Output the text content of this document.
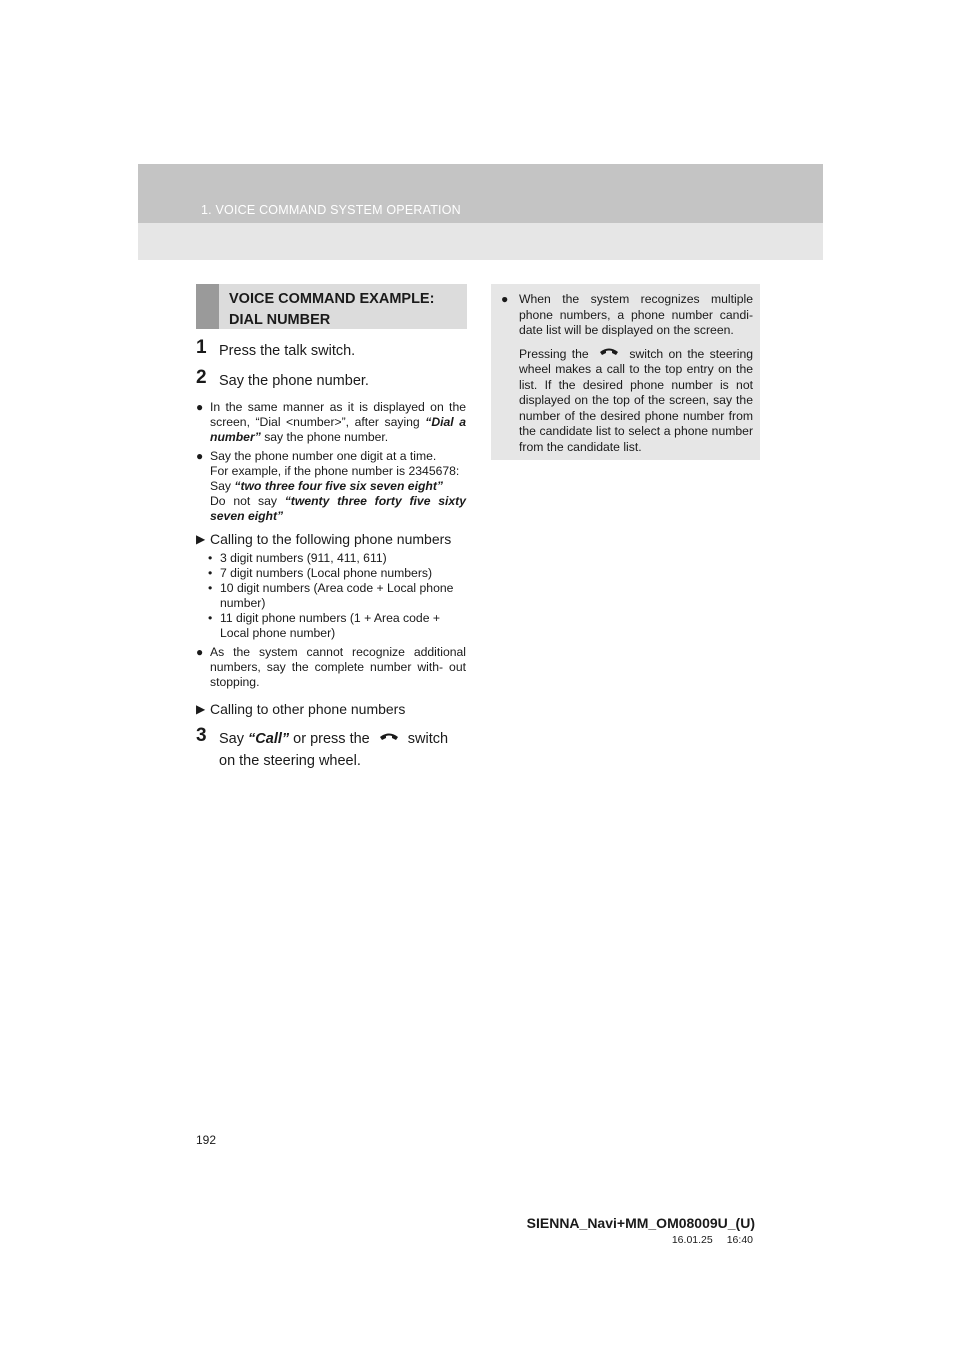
1. VOICE COMMAND SYSTEM OPERATION
VOICE COMMAND EXAMPLE: DIAL NUMBER
1 Press the talk switch.
2 Say the phone number.
● In the same manner as it is displayed on the screen, “Dial <number>”, after saying “Dial a number” say the phone number.
● Say the phone number one digit at a time.
For example, if the phone number is 2345678:
Say “two three four five six seven eight”
Do not say “twenty three forty five sixty seven eight”
▶ Calling to the following phone numbers
• 3 digit numbers (911, 411, 611)
• 7 digit numbers (Local phone numbers)
• 10 digit numbers (Area code + Local phone number)
• 11 digit phone numbers (1 + Area code + Local phone number)
● As the system cannot recognize additional numbers, say the complete number with- out stopping.
▶ Calling to other phone numbers
3 Say “Call” or press the	switch on the steering wheel.
● When the system recognizes multiple phone numbers, a phone number candi- date list will be displayed on the screen.
Pressing the	switch on the steering wheel makes a call to the top entry on the list. If the desired phone number is not displayed on the top of the screen, say the number of the desired phone number from the candidate list to select a phone number from the candidate list.
192
SIENNA_Navi+MM_OM08009U_(U)
16.01.25 16:40
